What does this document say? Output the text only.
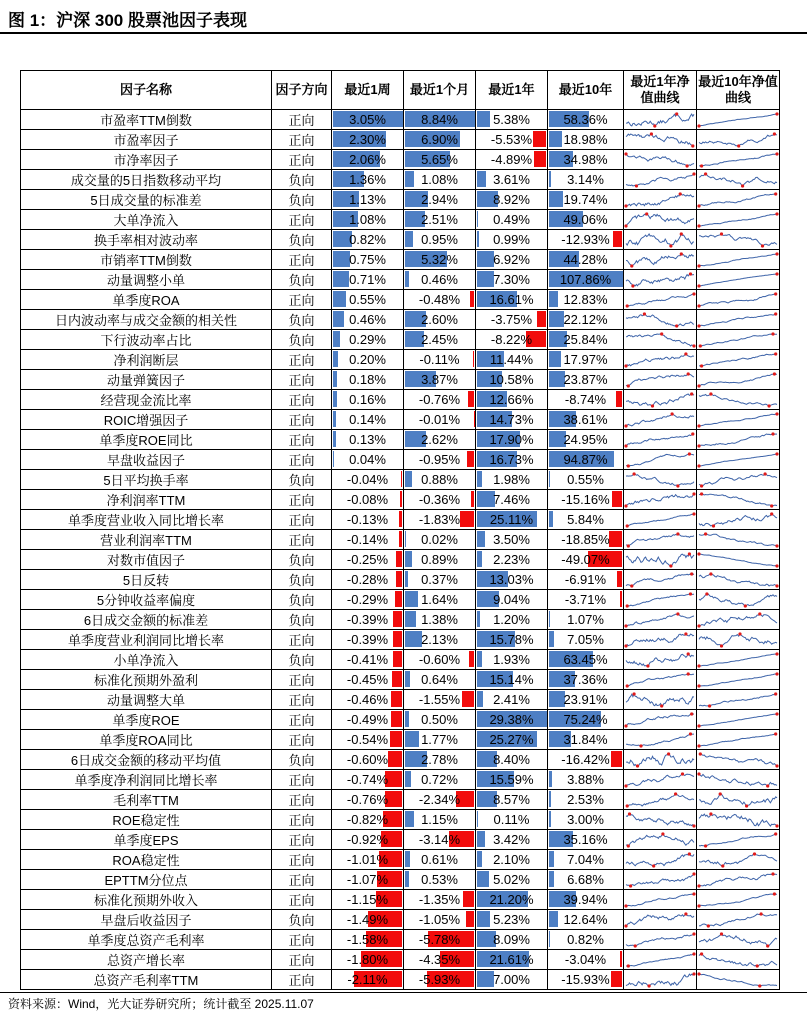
图 1：沪深 300 股票池因子表现
因子名称	因子方向	最近1周	最近1个月	最近1年	最近10年	最近1年净值曲线	最近10年净值曲线
市盈率TTM倒数	正向	3.05%	8.84%	5.38%	58.36%	

市盈率因子	正向	2.30%	6.90%	-5.53%	18.98%	

市净率因子	正向	2.06%	5.65%	-4.89%	34.98%	

成交量的5日指数移动平均	负向	1.36%	1.08%	3.61%	3.14%	

5日成交量的标准差	负向	1.13%	2.94%	8.92%	19.74%	

大单净流入	正向	1.08%	2.51%	0.49%	49.06%	

换手率相对波动率	负向	0.82%	0.95%	0.99%	-12.93%	

市销率TTM倒数	正向	0.75%	5.32%	6.92%	44.28%	

动量调整小单	负向	0.71%	0.46%	7.30%	107.86%	

单季度ROA	正向	0.55%	-0.48%	16.61%	12.83%	

日内波动率与成交金额的相关性	负向	0.46%	2.60%	-3.75%	22.12%	

下行波动率占比	负向	0.29%	2.45%	-8.22%	25.84%	

净利润断层	正向	0.20%	-0.11%	11.44%	17.97%	

动量弹簧因子	正向	0.18%	3.87%	10.58%	23.87%	

经营现金流比率	正向	0.16%	-0.76%	12.66%	-8.74%	

ROIC增强因子	正向	0.14%	-0.01%	14.73%	38.61%	

单季度ROE同比	正向	0.13%	2.62%	17.90%	24.95%	

早盘收益因子	正向	0.04%	-0.95%	16.73%	94.87%	

5日平均换手率	负向	-0.04%	0.88%	1.98%	0.55%	

净利润率TTM	正向	-0.08%	-0.36%	7.46%	-15.16%	

单季度营业收入同比增长率	正向	-0.13%	-1.83%	25.11%	5.84%	

营业利润率TTM	正向	-0.14%	0.02%	3.50%	-18.85%	

对数市值因子	负向	-0.25%	0.89%	2.23%	-49.07%	

5日反转	负向	-0.28%	0.37%	13.03%	-6.91%	

5分钟收益率偏度	负向	-0.29%	1.64%	9.04%	-3.71%	

6日成交金额的标准差	负向	-0.39%	1.38%	1.20%	1.07%	

单季度营业利润同比增长率	正向	-0.39%	2.13%	15.78%	7.05%	

小单净流入	负向	-0.41%	-0.60%	1.93%	63.45%	

标准化预期外盈利	正向	-0.45%	0.64%	15.14%	37.36%	

动量调整大单	正向	-0.46%	-1.55%	2.41%	23.91%	

单季度ROE	正向	-0.49%	0.50%	29.38%	75.24%	

单季度ROA同比	正向	-0.54%	1.77%	25.27%	31.84%	

6日成交金额的移动平均值	负向	-0.60%	2.78%	8.40%	-16.42%	

单季度净利润同比增长率	正向	-0.74%	0.72%	15.59%	3.88%	

毛利率TTM	正向	-0.76%	-2.34%	8.57%	2.53%	

ROE稳定性	正向	-0.82%	1.15%	0.11%	3.00%	

单季度EPS	正向	-0.92%	-3.14%	3.42%	35.16%	

ROA稳定性	正向	-1.01%	0.61%	2.10%	7.04%	

EPTTM分位点	正向	-1.07%	0.53%	5.02%	6.68%	

标准化预期外收入	正向	-1.15%	-1.35%	21.20%	39.94%	

早盘后收益因子	负向	-1.49%	-1.05%	5.23%	12.64%	

单季度总资产毛利率	正向	-1.58%	-5.78%	8.09%	0.82%	

总资产增长率	正向	-1.80%	-4.35%	21.61%	-3.04%	

总资产毛利率TTM	正向	-2.11%	-5.93%	7.00%	-15.93%	

资料来源：Wind，光大证券研究所；统计截至 2025.11.07
